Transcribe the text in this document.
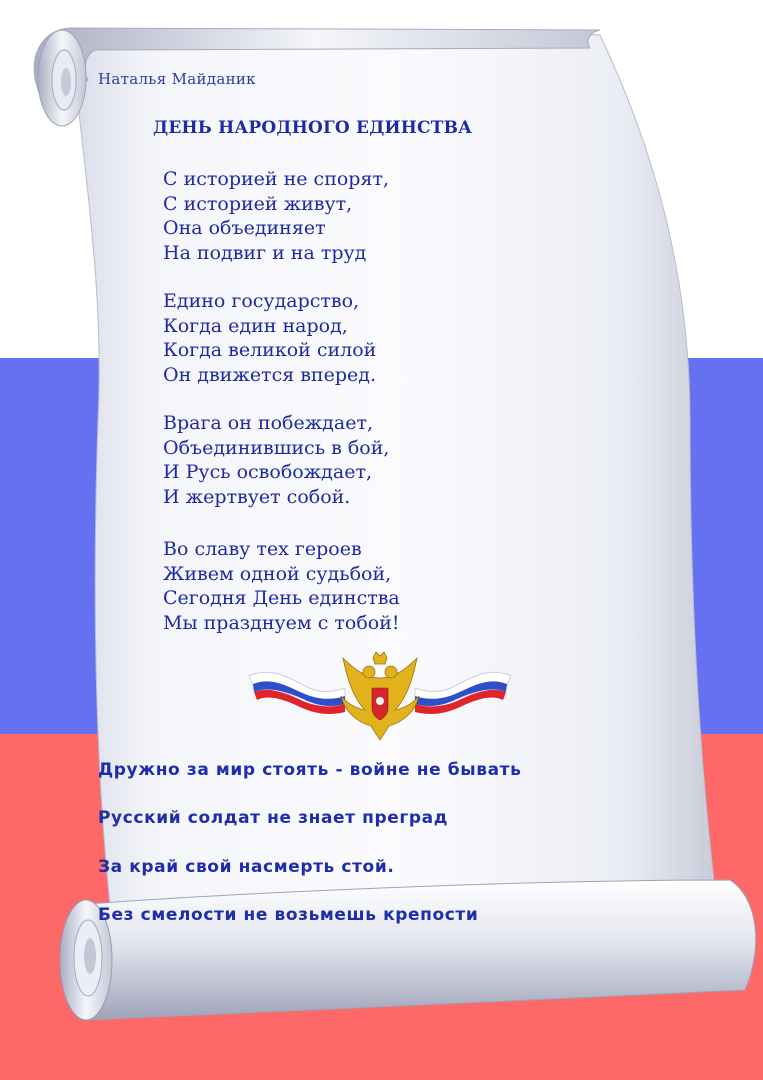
Наталья Майданик
ДЕНЬ НАРОДНОГО ЕДИНСТВА
С историей не спорят,
С историей живут,
Она объединяет
На подвиг и на труд
Едино государство,
Когда един народ,
Когда великой силой
Он движется вперед.
Врага он побеждает,
Объединившись в бой,
И Русь освобождает,
И жертвует собой.
Во славу тех героев
Живем одной судьбой,
Сегодня День единства
Мы празднуем с тобой!
Дружно за мир стоять - войне не бывать
Русский солдат не знает преград
За край свой насмерть стой.
Без смелости не возьмешь крепости
